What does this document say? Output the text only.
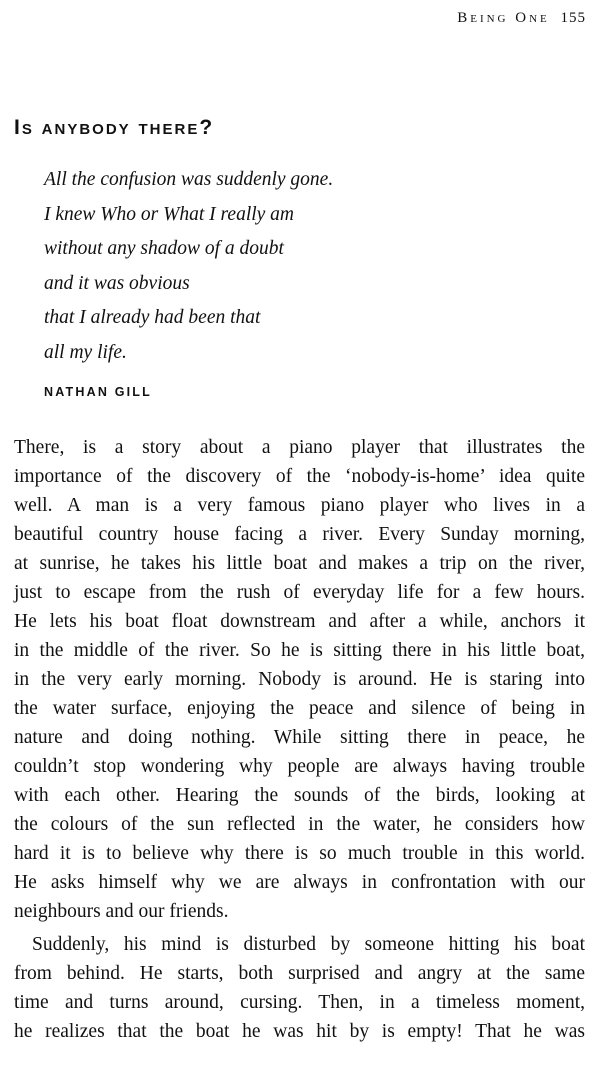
Being One 155
Is anybody there?
All the confusion was suddenly gone.
I knew Who or What I really am
without any shadow of a doubt
and it was obvious
that I already had been that
all my life.
NATHAN GILL
There, is a story about a piano player that illustrates the
importance of the discovery of the ‘nobody-is-home’ idea quite
well. A man is a very famous piano player who lives in a
beautiful country house facing a river. Every Sunday morning,
at sunrise, he takes his little boat and makes a trip on the river,
just to escape from the rush of everyday life for a few hours.
He lets his boat float downstream and after a while, anchors it
in the middle of the river. So he is sitting there in his little boat,
in the very early morning. Nobody is around. He is staring into
the water surface, enjoying the peace and silence of being in
nature and doing nothing. While sitting there in peace, he
couldn’t stop wondering why people are always having trouble
with each other. Hearing the sounds of the birds, looking at
the colours of the sun reflected in the water, he considers how
hard it is to believe why there is so much trouble in this world.
He asks himself why we are always in confrontation with our
neighbours and our friends.
Suddenly, his mind is disturbed by someone hitting his boat
from behind. He starts, both surprised and angry at the same
time and turns around, cursing. Then, in a timeless moment,
he realizes that the boat he was hit by is empty! That he was
